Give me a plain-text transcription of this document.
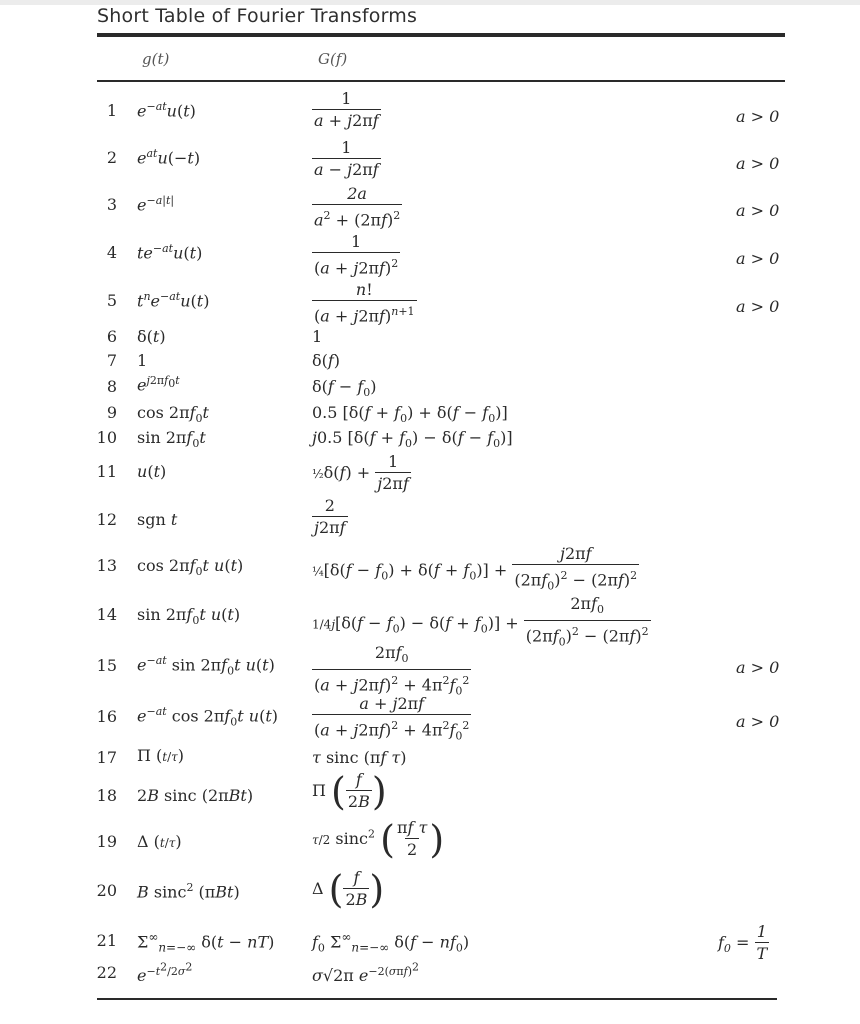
Short Table of Fourier Transforms
g(t)	G(f)
1
2
3
4
5
6
7
8
9
10
11
12
13
14
15
16
17
18
19
20
21
22
$e^{-at}u(t)$
$e^{at}u(-t)$
$e^{-a|t|}$
$te^{-at}u(t)$
$t^ne^{-at}u(t)$
δ(t)
1
$e^{j2\pi f_0t}$
$\cos 2\pi f_0t$
$\sin 2\pi f_0t$
u(t)
sgn t
$\cos 2\pi f_0t$ u(t)
$\sin 2\pi f_0t$ u(t)
$e^{-at}$ $\sin 2\pi f_0t$ u(t)
$e^{-at}$ $\cos 2\pi f_0t$ u(t)
Π (t/τ)
2B sinc (2πBt)
Δ (t/τ)
B sinc$^2$ (πBt)
$\Sigma^\infty_{n=-\infty}$ δ(t − nT)
$e^{-t^2/2\sigma^2}$
$\frac{1}{a + j2\pi f}$
$\frac{1}{a - j2\pi f}$
$\frac{2a}{a^2 + (2\pi f)^2}$
$\frac{1}{(a + j2\pi f)^2}$
$\frac{n!}{(a + j2\pi f)^{n+1}}$
1
δ(f)
$\delta(f - f_0)$
0.5 $[\delta(f + f_0) + \delta(f - f_0)]$
j0.5 $[\delta(f + f_0) - \delta(f - f_0)]$
½δ(f) + $\frac{1}{j2\pi f}$
$\frac{2}{j2\pi f}$
¼[δ(f − $f_0) + \delta(f + f_0)] + \frac{j2\pi f}{(2\pi f_0)^2 - (2\pi f)^2}$
$1/4j[\delta(f - f_0) - \delta(f + f_0)] + \frac{2\pi f_0}{(2\pi f_0)^2 - (2\pi f)^2}$
$\frac{2\pi f_0}{(a + j2\pi f)^2 + 4\pi^2f_0^2}$
$\frac{a + j2\pi f}{(a + j2\pi f)^2 + 4\pi^2f_0^2}$
τ sinc (πf τ)
Π ( $\frac{f}{2B}$ )
τ/2 sinc$^2$ ( $\frac{\text{πf τ}}{2}$ )
Δ ( $\frac{f}{2B}$ )
$f_0$ $\Sigma^\infty_{n=-\infty}$ $\delta(f - nf_0)$
σ√2π $e^{-2(\sigma\pi f)^2}$
a > 0
a > 0
a > 0
a > 0
a > 0
a > 0
a > 0
$f_0 = \frac{1}{T}$
